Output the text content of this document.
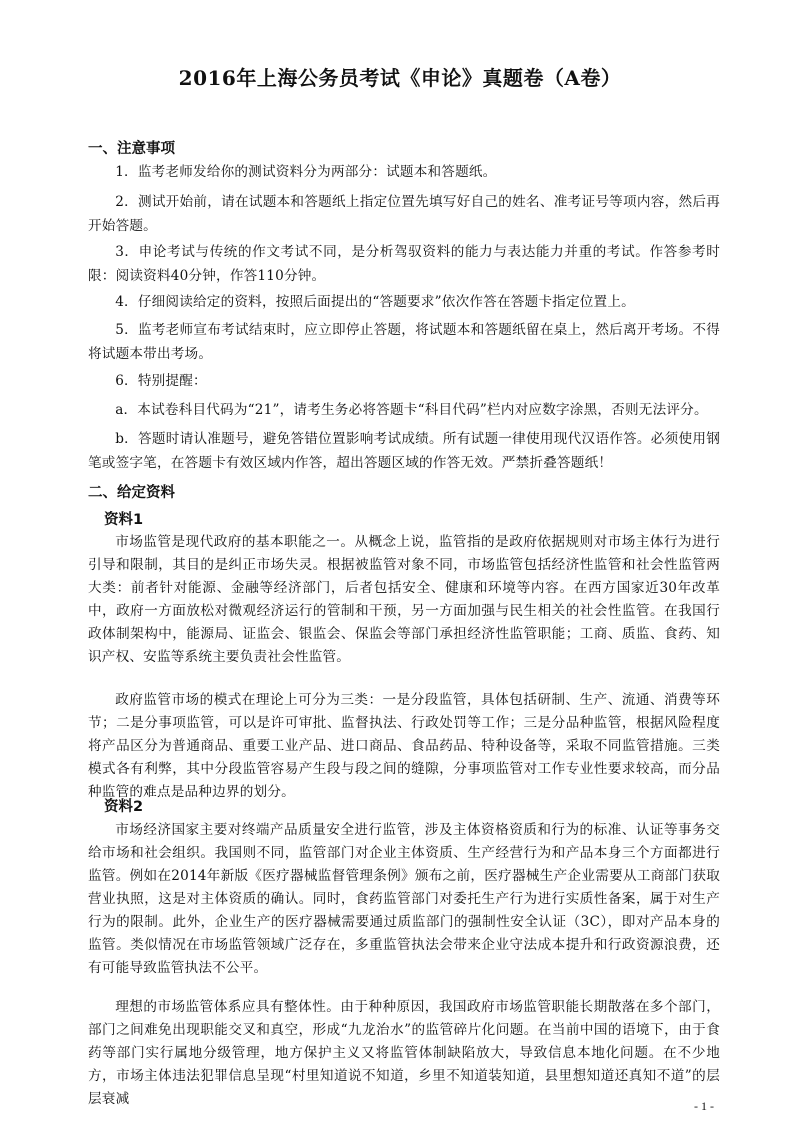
2016年上海公务员考试《申论》真题卷（A卷）
一、注意事项

1．监考老师发给你的测试资料分为两部分：试题本和答题纸。

2．测试开始前，请在试题本和答题纸上指定位置先填写好自己的姓名、准考证号等项内容，然后再开始答题。

3．申论考试与传统的作文考试不同，是分析驾驭资料的能力与表达能力并重的考试。作答参考时限：阅读资料40分钟，作答110分钟。

4．仔细阅读给定的资料，按照后面提出的“答题要求”依次作答在答题卡指定位置上。

5．监考老师宣布考试结束时，应立即停止答题，将试题本和答题纸留在桌上，然后离开考场。不得将试题本带出考场。

6．特别提醒：

a．本试卷科目代码为“21”，请考生务必将答题卡“科目代码”栏内对应数字涂黑，否则无法评分。

b．答题时请认准题号，避免答错位置影响考试成绩。所有试题一律使用现代汉语作答。必须使用钢笔或签字笔，在答题卡有效区域内作答，超出答题区域的作答无效。严禁折叠答题纸！

二、给定资料
资料1

市场监管是现代政府的基本职能之一。从概念上说，监管指的是政府依据规则对市场主体行为进行引导和限制，其目的是纠正市场失灵。根据被监管对象不同，市场监管包括经济性监管和社会性监管两大类：前者针对能源、金融等经济部门，后者包括安全、健康和环境等内容。在西方国家近30年改革中，政府一方面放松对微观经济运行的管制和干预，另一方面加强与民生相关的社会性监管。在我国行政体制架构中，能源局、证监会、银监会、保监会等部门承担经济性监管职能；工商、质监、食药、知识产权、安监等系统主要负责社会性监管。

政府监管市场的模式在理论上可分为三类：一是分段监管，具体包括研制、生产、流通、消费等环节；二是分事项监管，可以是许可审批、监督执法、行政处罚等工作；三是分品种监管，根据风险程度将产品区分为普通商品、重要工业产品、进口商品、食品药品、特种设备等，采取不同监管措施。三类模式各有利弊，其中分段监管容易产生段与段之间的缝隙，分事项监管对工作专业性要求较高，而分品种监管的难点是品种边界的划分。

资料2

市场经济国家主要对终端产品质量安全进行监管，涉及主体资格资质和行为的标准、认证等事务交给市场和社会组织。我国则不同，监管部门对企业主体资质、生产经营行为和产品本身三个方面都进行监管。例如在2014年新版《医疗器械监督管理条例》颁布之前，医疗器械生产企业需要从工商部门获取营业执照，这是对主体资质的确认。同时，食药监管部门对委托生产行为进行实质性备案，属于对生产行为的限制。此外，企业生产的医疗器械需要通过质监部门的强制性安全认证（3C），即对产品本身的监管。类似情况在市场监管领域广泛存在，多重监管执法会带来企业守法成本提升和行政资源浪费，还有可能导致监管执法不公平。

理想的市场监管体系应具有整体性。由于种种原因，我国政府市场监管职能长期散落在多个部门，部门之间难免出现职能交叉和真空，形成“九龙治水”的监管碎片化问题。在当前中国的语境下，由于食药等部门实行属地分级管理，地方保护主义又将监管体制缺陷放大，导致信息本地化问题。在不少地方，市场主体违法犯罪信息呈现“村里知道说不知道，乡里不知道装知道，县里想知道还真知不道”的层层衰减	- 1 -
